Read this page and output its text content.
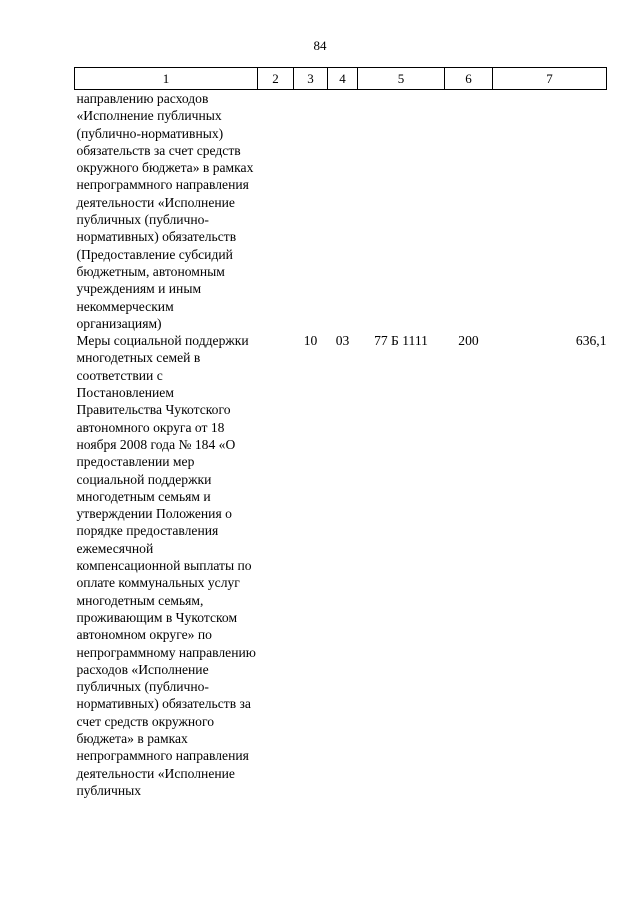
84
1	2	3	4	5	6	7
направлению расходов «Исполнение публичных (публично-нормативных) обязательств за счет средств окружного бюджета» в рамках непрограммного направления деятельности «Исполнение публичных (публично-нормативных) обязательств (Предоставление субсидий бюджетным, автономным учреждениям и иным некоммерческим организациям)						
Меры социальной поддержки многодетных семей в соответствии с Постановлением Правительства Чукотского автономного округа от 18 ноября 2008 года № 184 «О предоставлении мер социальной поддержки многодетным семьям и утверждении Положения о порядке предоставления ежемесячной компенсационной выплаты по оплате коммунальных услуг многодетным семьям, проживающим в Чукотском автономном округе» по непрограммному направлению расходов «Исполнение публичных (публично-нормативных) обязательств за счет средств окружного бюджета» в рамках непрограммного направления деятельности «Исполнение публичных		10	03	77 Б 1111	200	636,1
